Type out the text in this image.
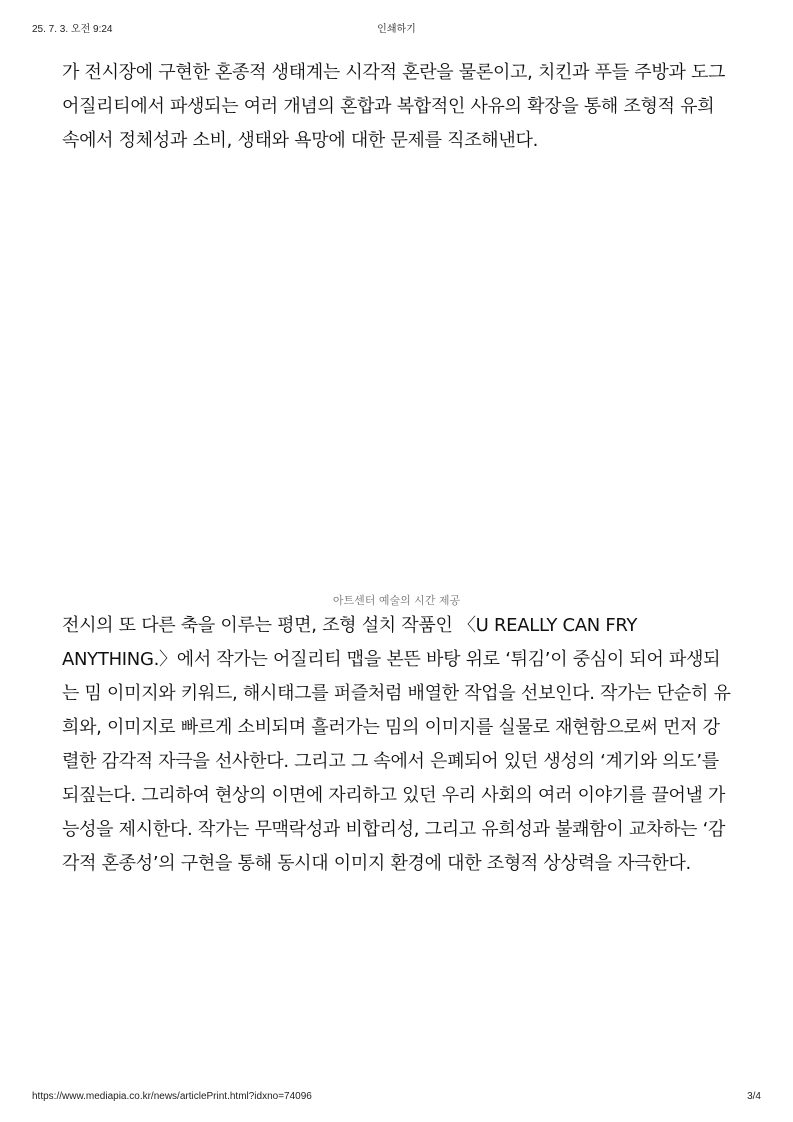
25. 7. 3. 오전 9:24	인쇄하기

가 전시장에 구현한 혼종적 생태계는 시각적 혼란을 물론이고, 치킨과 푸들 주방과 도그 어질리티에서 파생되는 여러 개념의 혼합과 복합적인 사유의 확장을 통해 조형적 유희 속에서 정체성과 소비, 생태와 욕망에 대한 문제를 직조해낸다.

아트센터 예술의 시간 제공

전시의 또 다른 축을 이루는 평면, 조형 설치 작품인 〈U REALLY CAN FRY ANYTHING.〉에서 작가는 어질리티 맵을 본뜬 바탕 위로 ‘튀김’이 중심이 되어 파생되는 밈 이미지와 키워드, 해시태그를 퍼즐처럼 배열한 작업을 선보인다. 작가는 단순히 유희와, 이미지로 빠르게 소비되며 흘러가는 밈의 이미지를 실물로 재현함으로써 먼저 강렬한 감각적 자극을 선사한다. 그리고 그 속에서 은폐되어 있던 생성의 ‘계기와 의도’를 되짚는다. 그리하여 현상의 이면에 자리하고 있던 우리 사회의 여러 이야기를 끌어낼 가능성을 제시한다. 작가는 무맥락성과 비합리성, 그리고 유희성과 불쾌함이 교차하는 ‘감각적 혼종성’의 구현을 통해 동시대 이미지 환경에 대한 조형적 상상력을 자극한다.

https://www.mediapia.co.kr/news/articlePrint.html?idxno=74096	3/4
